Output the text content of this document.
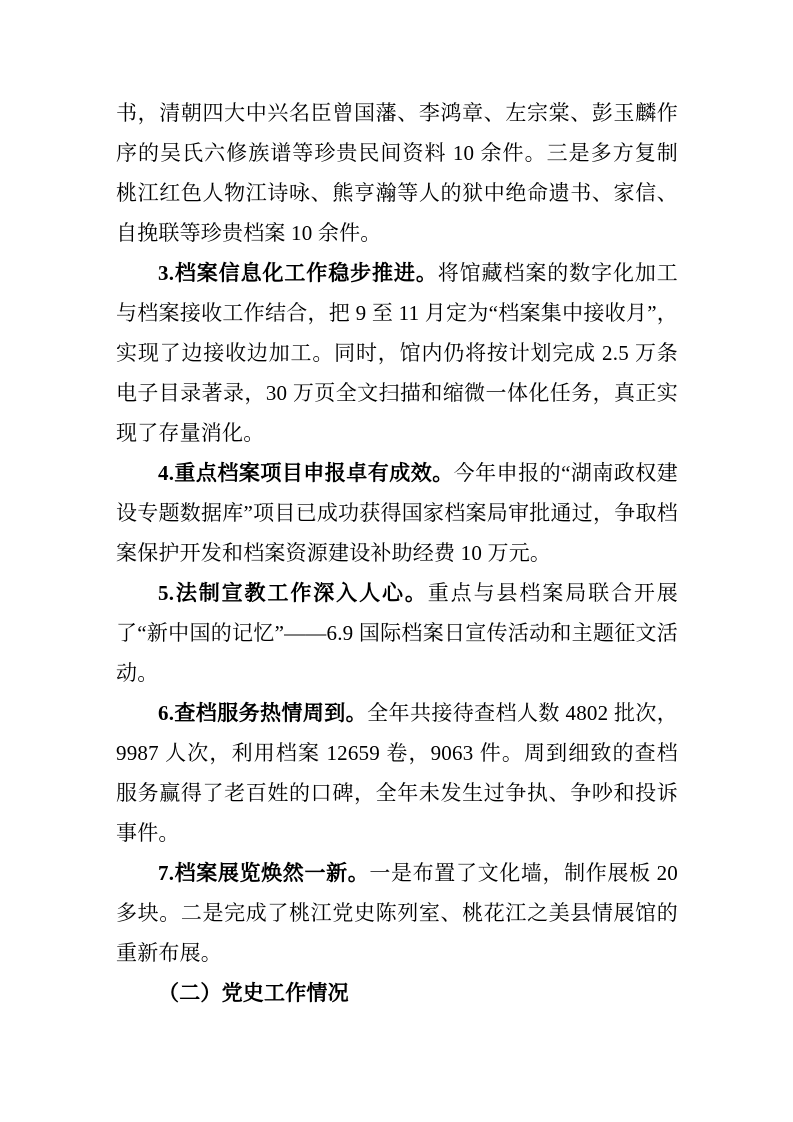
书，清朝四大中兴名臣曾国藩、李鸿章、左宗棠、彭玉麟作序的吴氏六修族谱等珍贵民间资料 10 余件。三是多方复制桃江红色人物江诗咏、熊亨瀚等人的狱中绝命遗书、家信、自挽联等珍贵档案 10 余件。

3.档案信息化工作稳步推进。将馆藏档案的数字化加工与档案接收工作结合，把 9 至 11 月定为“档案集中接收月”，实现了边接收边加工。同时，馆内仍将按计划完成 2.5 万条电子目录著录，30 万页全文扫描和缩微一体化任务，真正实现了存量消化。

4.重点档案项目申报卓有成效。今年申报的“湖南政权建设专题数据库”项目已成功获得国家档案局审批通过，争取档案保护开发和档案资源建设补助经费 10 万元。

5.法制宣教工作深入人心。重点与县档案局联合开展了“新中国的记忆”——6.9 国际档案日宣传活动和主题征文活动。

6.查档服务热情周到。全年共接待查档人数 4802 批次，9987 人次，利用档案 12659 卷，9063 件。周到细致的查档服务赢得了老百姓的口碑，全年未发生过争执、争吵和投诉事件。

7.档案展览焕然一新。一是布置了文化墙，制作展板 20 多块。二是完成了桃江党史陈列室、桃花江之美县情展馆的重新布展。

（二）党史工作情况
